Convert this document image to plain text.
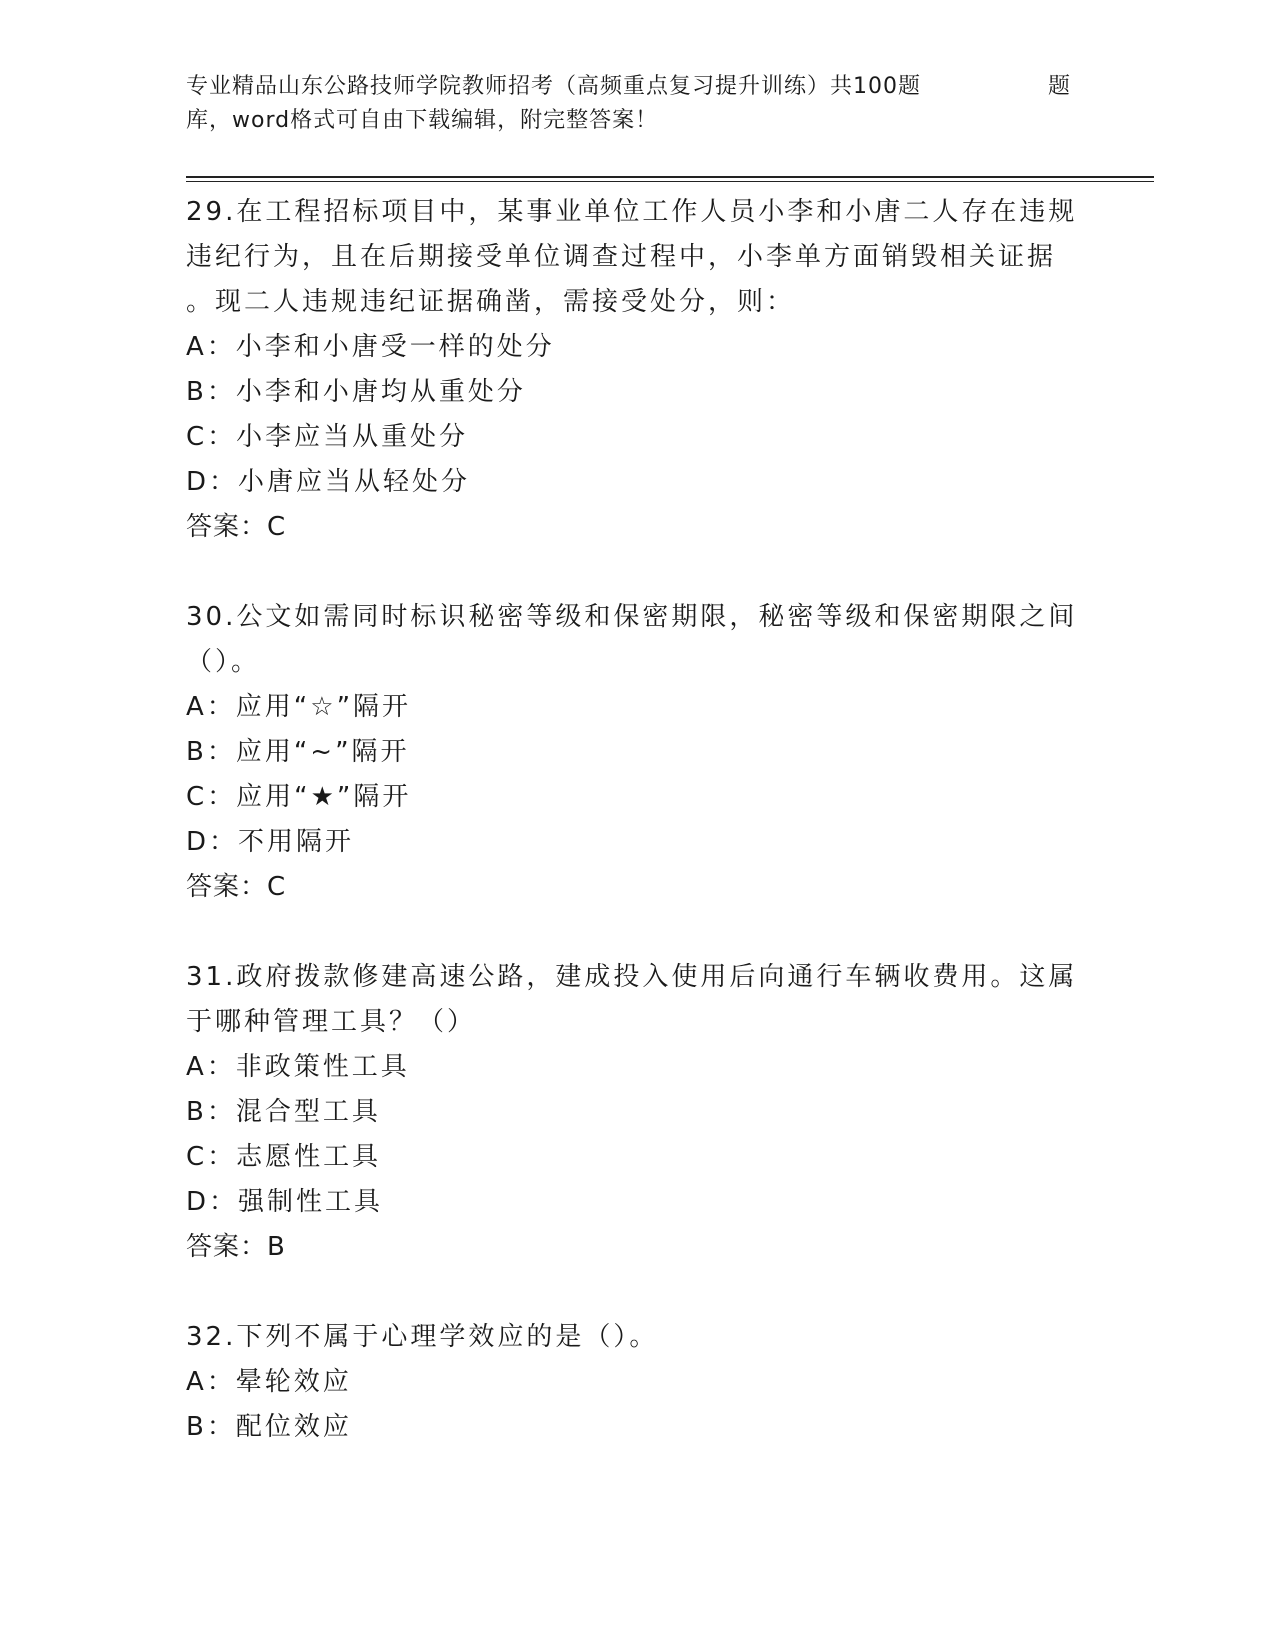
专业精品山东公路技师学院教师招考（高频重点复习提升训练）共100题	题
库，word格式可自由下载编辑，附完整答案！
29.在工程招标项目中，某事业单位工作人员小李和小唐二人存在违规
违纪行为，且在后期接受单位调查过程中，小李单方面销毁相关证据
。现二人违规违纪证据确凿，需接受处分，则：
A：小李和小唐受一样的处分
B：小李和小唐均从重处分
C：小李应当从重处分
D：小唐应当从轻处分
答案：C
30.公文如需同时标识秘密等级和保密期限，秘密等级和保密期限之间
（）。
A：应用“☆”隔开
B：应用“~”隔开
C：应用“★”隔开
D：不用隔开
答案：C
31.政府拨款修建高速公路，建成投入使用后向通行车辆收费用。这属
于哪种管理工具？（）
A：非政策性工具
B：混合型工具
C：志愿性工具
D：强制性工具
答案：B
32.下列不属于心理学效应的是（）。
A：晕轮效应
B：配位效应
